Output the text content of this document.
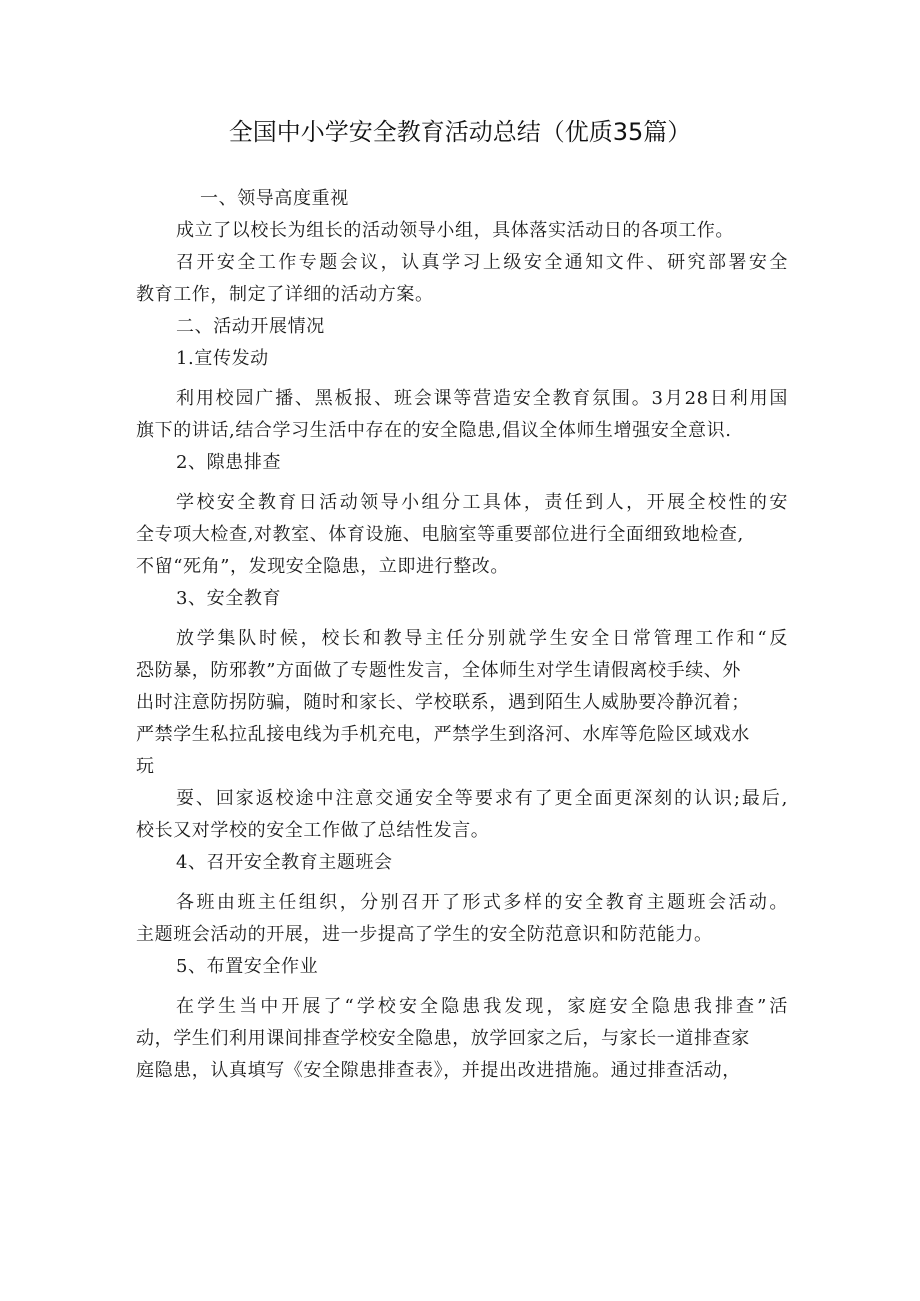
全国中小学安全教育活动总结（优质35篇）
一、领导高度重视
成立了以校长为组长的活动领导小组，具体落实活动日的各项工作。
召开安全工作专题会议，认真学习上级安全通知文件、研究部署安全
教育工作，制定了详细的活动方案。
二、活动开展情况
1.宣传发动
利用校园广播、黑板报、班会课等营造安全教育氛围。3月28日利用国
旗下的讲话,结合学习生活中存在的安全隐患,倡议全体师生增强安全意识.
2、隙患排查
学校安全教育日活动领导小组分工具体，责任到人，开展全校性的安
全专项大检查,对教室、体育设施、电脑室等重要部位进行全面细致地检查,
不留“死角”，发现安全隐患，立即进行整改。
3、安全教育
放学集队时候，校长和教导主任分别就学生安全日常管理工作和“反
恐防暴，防邪教”方面做了专题性发言，全体师生对学生请假离校手续、外
出时注意防拐防骗，随时和家长、学校联系，遇到陌生人威胁要冷静沉着；
严禁学生私拉乱接电线为手机充电，严禁学生到洛河、水库等危险区域戏水
玩
耍、回家返校途中注意交通安全等要求有了更全面更深刻的认识;最后,
校长又对学校的安全工作做了总结性发言。
4、召开安全教育主题班会
各班由班主任组织，分别召开了形式多样的安全教育主题班会活动。
主题班会活动的开展，进一步提高了学生的安全防范意识和防范能力。
5、布置安全作业
在学生当中开展了“学校安全隐患我发现，家庭安全隐患我排查”活
动，学生们利用课间排查学校安全隐患，放学回家之后，与家长一道排查家
庭隐患，认真填写《安全隙患排查表》，并提出改进措施。通过排查活动，
